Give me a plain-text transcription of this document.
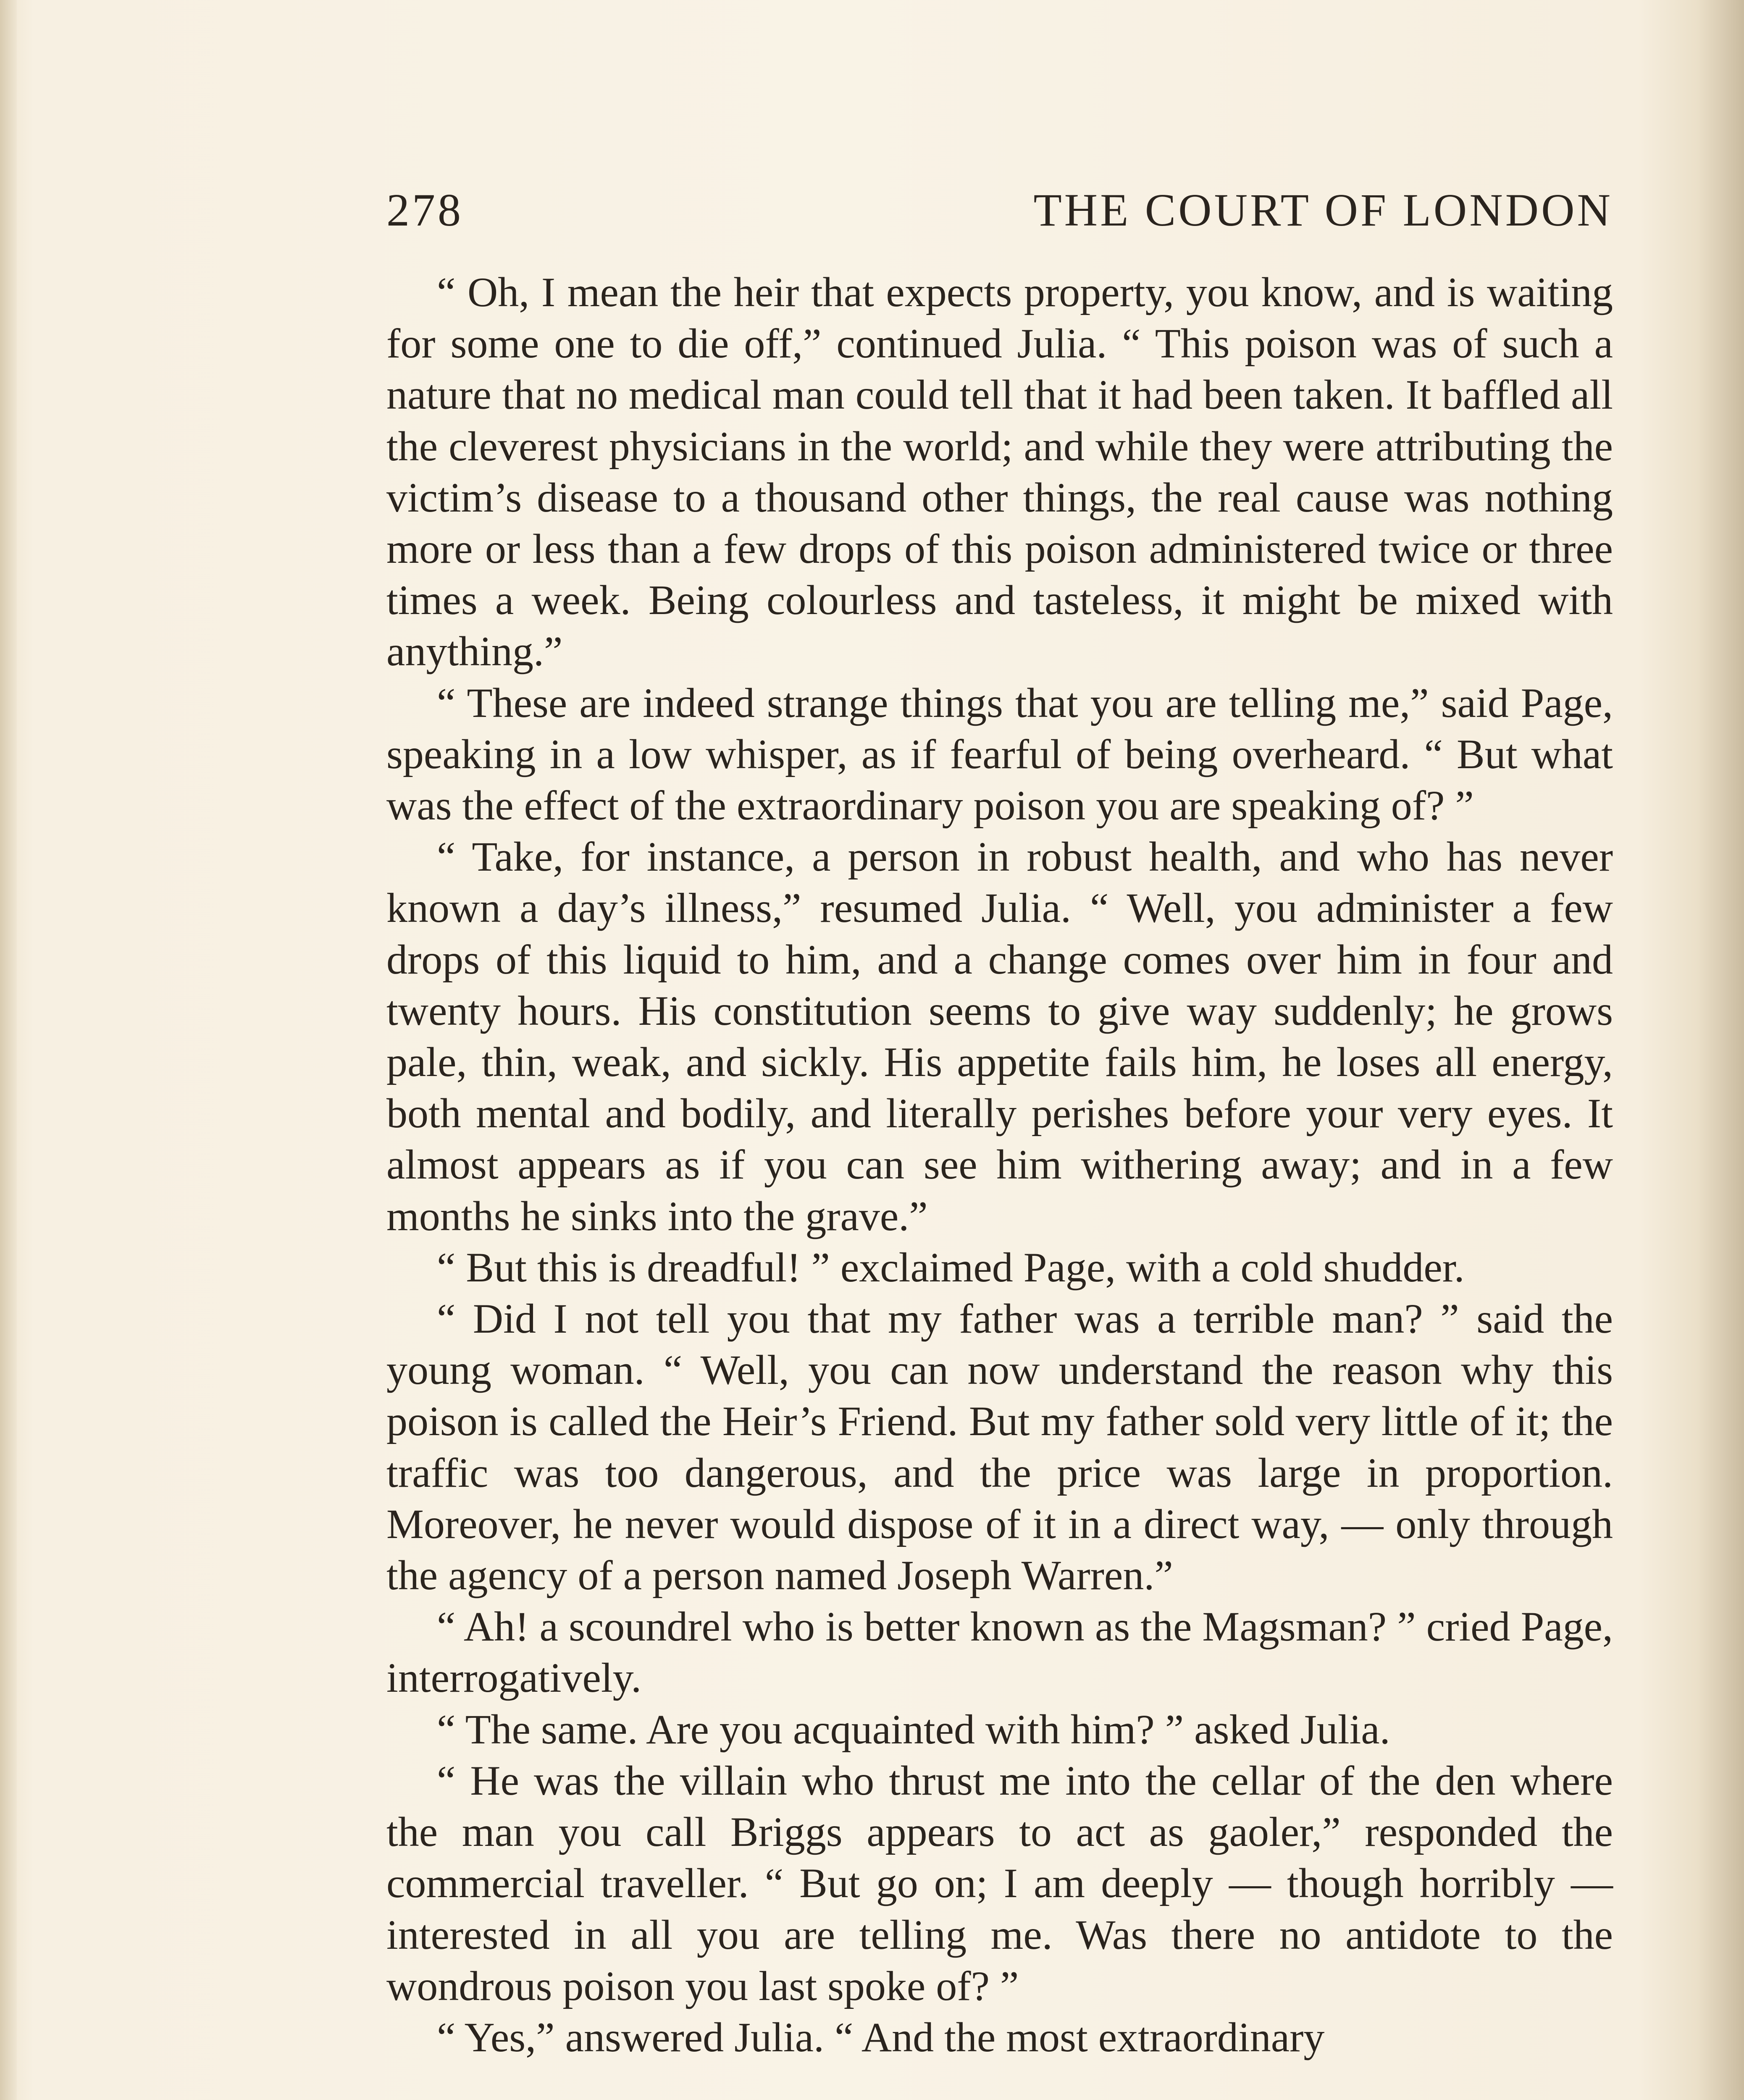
278	THE COURT OF LONDON

“ Oh, I mean the heir that expects property, you know, and is waiting for some one to die off,” continued Julia. “ This poison was of such a nature that no medical man could tell that it had been taken. It baffled all the cleverest physicians in the world; and while they were attributing the victim’s disease to a thousand other things, the real cause was nothing more or less than a few drops of this poison administered twice or three times a week. Being colourless and tasteless, it might be mixed with anything.”

“ These are indeed strange things that you are telling me,” said Page, speaking in a low whisper, as if fearful of being overheard. “ But what was the effect of the extraordinary poison you are speaking of? ”

“ Take, for instance, a person in robust health, and who has never known a day’s illness,” resumed Julia. “ Well, you administer a few drops of this liquid to him, and a change comes over him in four and twenty hours. His constitution seems to give way suddenly; he grows pale, thin, weak, and sickly. His appetite fails him, he loses all energy, both mental and bodily, and literally perishes before your very eyes. It almost appears as if you can see him withering away; and in a few months he sinks into the grave.”

“ But this is dreadful! ” exclaimed Page, with a cold shudder.

“ Did I not tell you that my father was a terrible man? ” said the young woman. “ Well, you can now understand the reason why this poison is called the Heir’s Friend. But my father sold very little of it; the traffic was too dangerous, and the price was large in proportion. Moreover, he never would dispose of it in a direct way, — only through the agency of a person named Joseph Warren.”

“ Ah! a scoundrel who is better known as the Magsman? ” cried Page, interrogatively.

“ The same. Are you acquainted with him? ” asked Julia.

“ He was the villain who thrust me into the cellar of the den where the man you call Briggs appears to act as gaoler,” responded the commercial traveller. “ But go on; I am deeply — though horribly — interested in all you are telling me. Was there no antidote to the wondrous poison you last spoke of? ”

“ Yes,” answered Julia. “ And the most extraordinary
